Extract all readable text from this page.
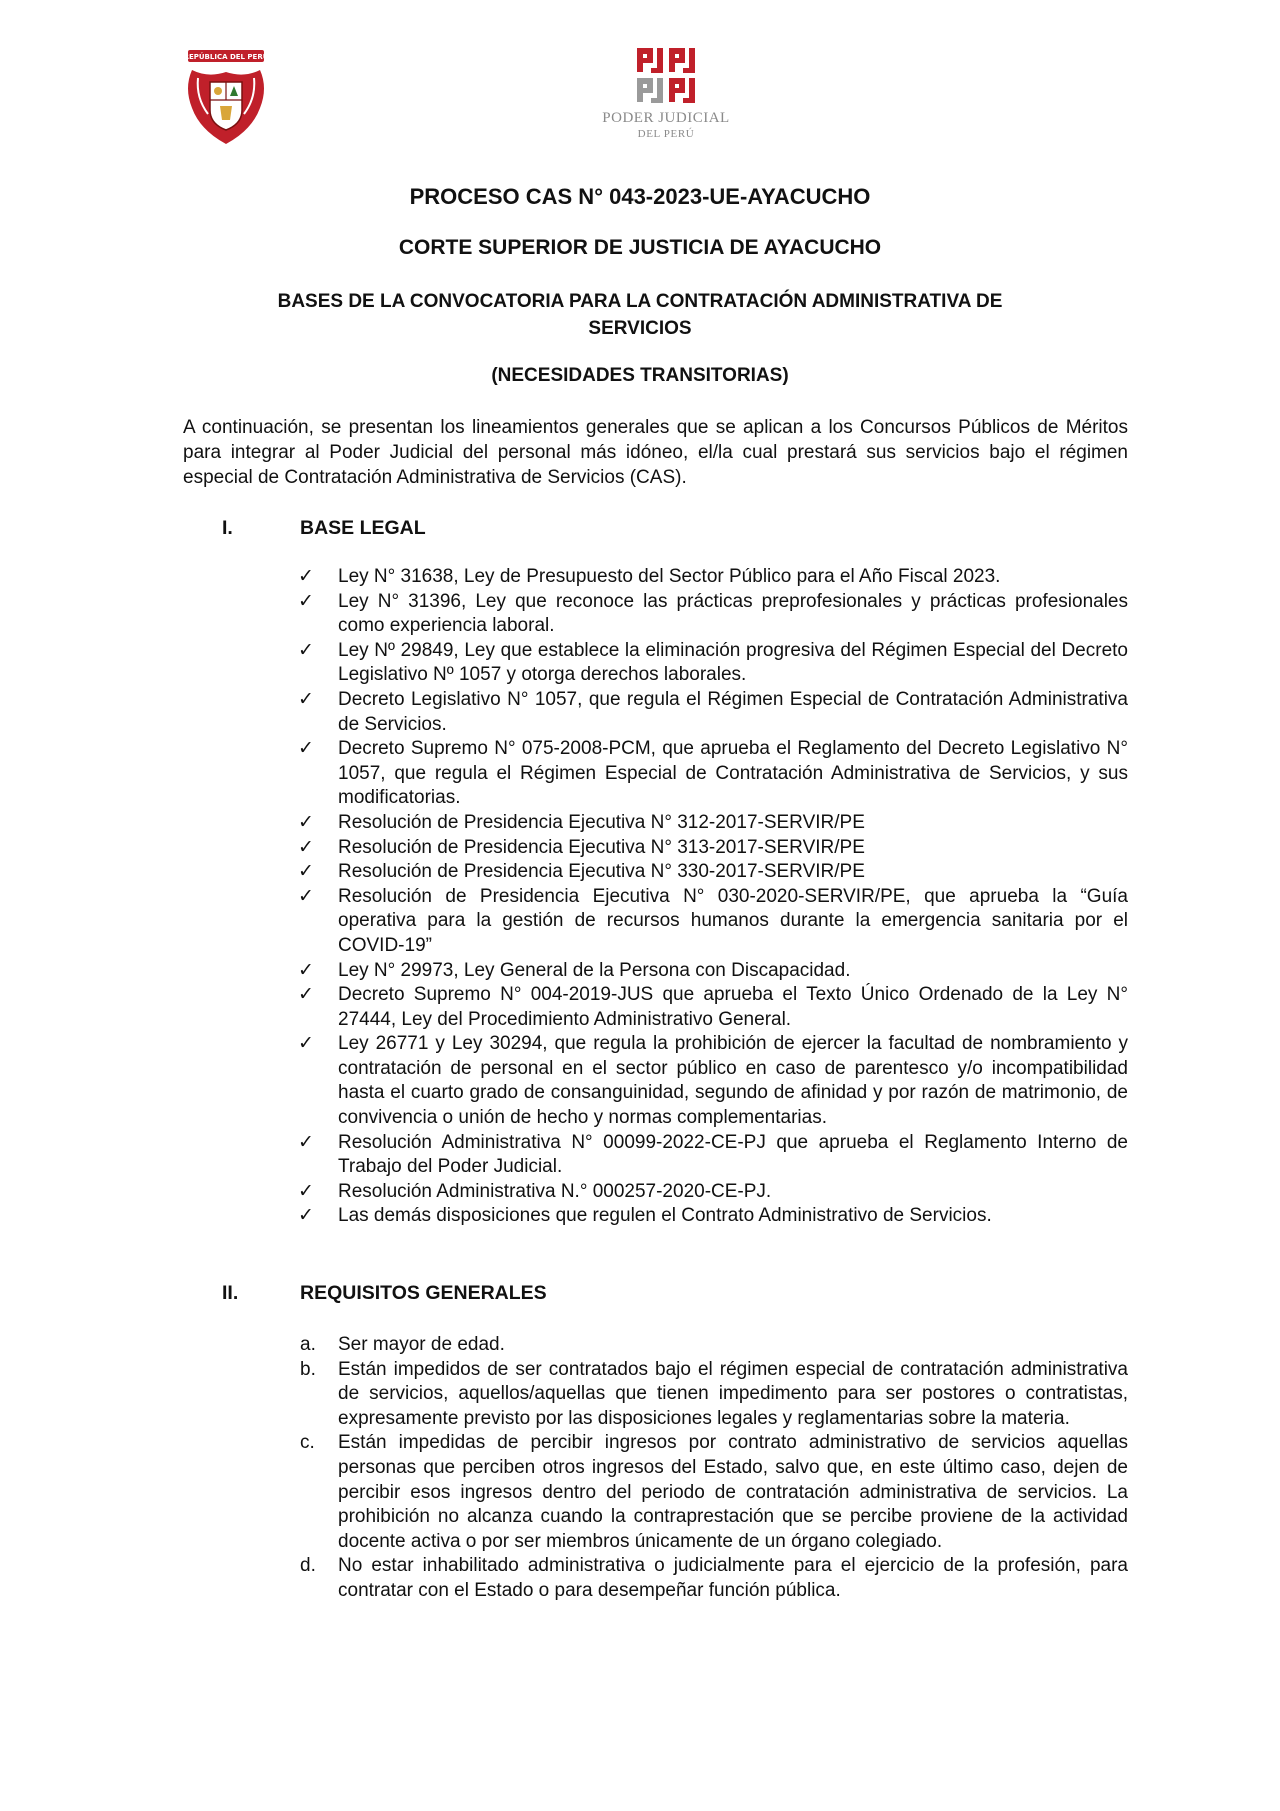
REPÚBLICA DEL PERÚ
PODER JUDICIAL
DEL PERÚ
PROCESO CAS N° 043-2023-UE-AYACUCHO
CORTE SUPERIOR DE JUSTICIA DE AYACUCHO
BASES DE LA CONVOCATORIA PARA LA CONTRATACIÓN ADMINISTRATIVA DE SERVICIOS
(NECESIDADES TRANSITORIAS)

A continuación, se presentan los lineamientos generales que se aplican a los Concursos Públicos de Méritos para integrar al Poder Judicial del personal más idóneo, el/la cual prestará sus servicios bajo el régimen especial de Contratación Administrativa de Servicios (CAS).

I.	BASE LEGAL
✓ Ley N° 31638, Ley de Presupuesto del Sector Público para el Año Fiscal 2023.
✓ Ley N° 31396, Ley que reconoce las prácticas preprofesionales y prácticas profesionales como experiencia laboral.
✓ Ley Nº 29849, Ley que establece la eliminación progresiva del Régimen Especial del Decreto Legislativo Nº 1057 y otorga derechos laborales.
✓ Decreto Legislativo N° 1057, que regula el Régimen Especial de Contratación Administrativa de Servicios.
✓ Decreto Supremo N° 075-2008-PCM, que aprueba el Reglamento del Decreto Legislativo N° 1057, que regula el Régimen Especial de Contratación Administrativa de Servicios, y sus modificatorias.
✓ Resolución de Presidencia Ejecutiva N° 312-2017-SERVIR/PE
✓ Resolución de Presidencia Ejecutiva N° 313-2017-SERVIR/PE
✓ Resolución de Presidencia Ejecutiva N° 330-2017-SERVIR/PE
✓ Resolución de Presidencia Ejecutiva N° 030-2020-SERVIR/PE, que aprueba la “Guía operativa para la gestión de recursos humanos durante la emergencia sanitaria por el COVID-19”
✓ Ley N° 29973, Ley General de la Persona con Discapacidad.
✓ Decreto Supremo N° 004-2019-JUS que aprueba el Texto Único Ordenado de la Ley N° 27444, Ley del Procedimiento Administrativo General.
✓ Ley 26771 y Ley 30294, que regula la prohibición de ejercer la facultad de nombramiento y contratación de personal en el sector público en caso de parentesco y/o incompatibilidad hasta el cuarto grado de consanguinidad, segundo de afinidad y por razón de matrimonio, de convivencia o unión de hecho y normas complementarias.
✓ Resolución Administrativa N° 00099-2022-CE-PJ que aprueba el Reglamento Interno de Trabajo del Poder Judicial.
✓ Resolución Administrativa N.° 000257-2020-CE-PJ.
✓ Las demás disposiciones que regulen el Contrato Administrativo de Servicios.
II.	REQUISITOS GENERALES
a. Ser mayor de edad.
b. Están impedidos de ser contratados bajo el régimen especial de contratación administrativa de servicios, aquellos/aquellas que tienen impedimento para ser postores o contratistas, expresamente previsto por las disposiciones legales y reglamentarias sobre la materia.
c. Están impedidas de percibir ingresos por contrato administrativo de servicios aquellas personas que perciben otros ingresos del Estado, salvo que, en este último caso, dejen de percibir esos ingresos dentro del periodo de contratación administrativa de servicios. La prohibición no alcanza cuando la contraprestación que se percibe proviene de la actividad docente activa o por ser miembros únicamente de un órgano colegiado.
d. No estar inhabilitado administrativa o judicialmente para el ejercicio de la profesión, para contratar con el Estado o para desempeñar función pública.
